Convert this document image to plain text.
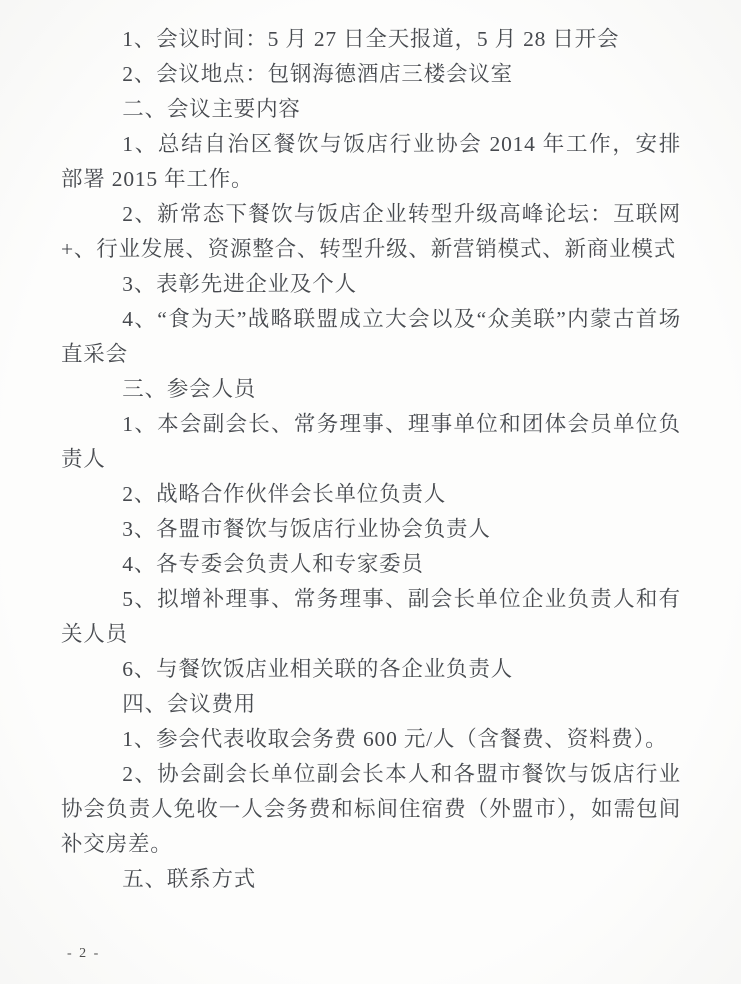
1、会议时间：5 月 27 日全天报道，5 月 28 日开会

2、会议地点：包钢海德酒店三楼会议室

二、会议主要内容

1、总结自治区餐饮与饭店行业协会 2014 年工作，安排部署 2015 年工作。

2、新常态下餐饮与饭店企业转型升级高峰论坛：互联网+、行业发展、资源整合、转型升级、新营销模式、新商业模式

3、表彰先进企业及个人

4、“食为天”战略联盟成立大会以及“众美联”内蒙古首场直采会

三、参会人员

1、本会副会长、常务理事、理事单位和团体会员单位负责人

2、战略合作伙伴会长单位负责人

3、各盟市餐饮与饭店行业协会负责人

4、各专委会负责人和专家委员

5、拟增补理事、常务理事、副会长单位企业负责人和有关人员

6、与餐饮饭店业相关联的各企业负责人

四、会议费用

1、参会代表收取会务费 600 元/人（含餐费、资料费）。

2、协会副会长单位副会长本人和各盟市餐饮与饭店行业协会负责人免收一人会务费和标间住宿费（外盟市），如需包间补交房差。

五、联系方式

- 2 -
